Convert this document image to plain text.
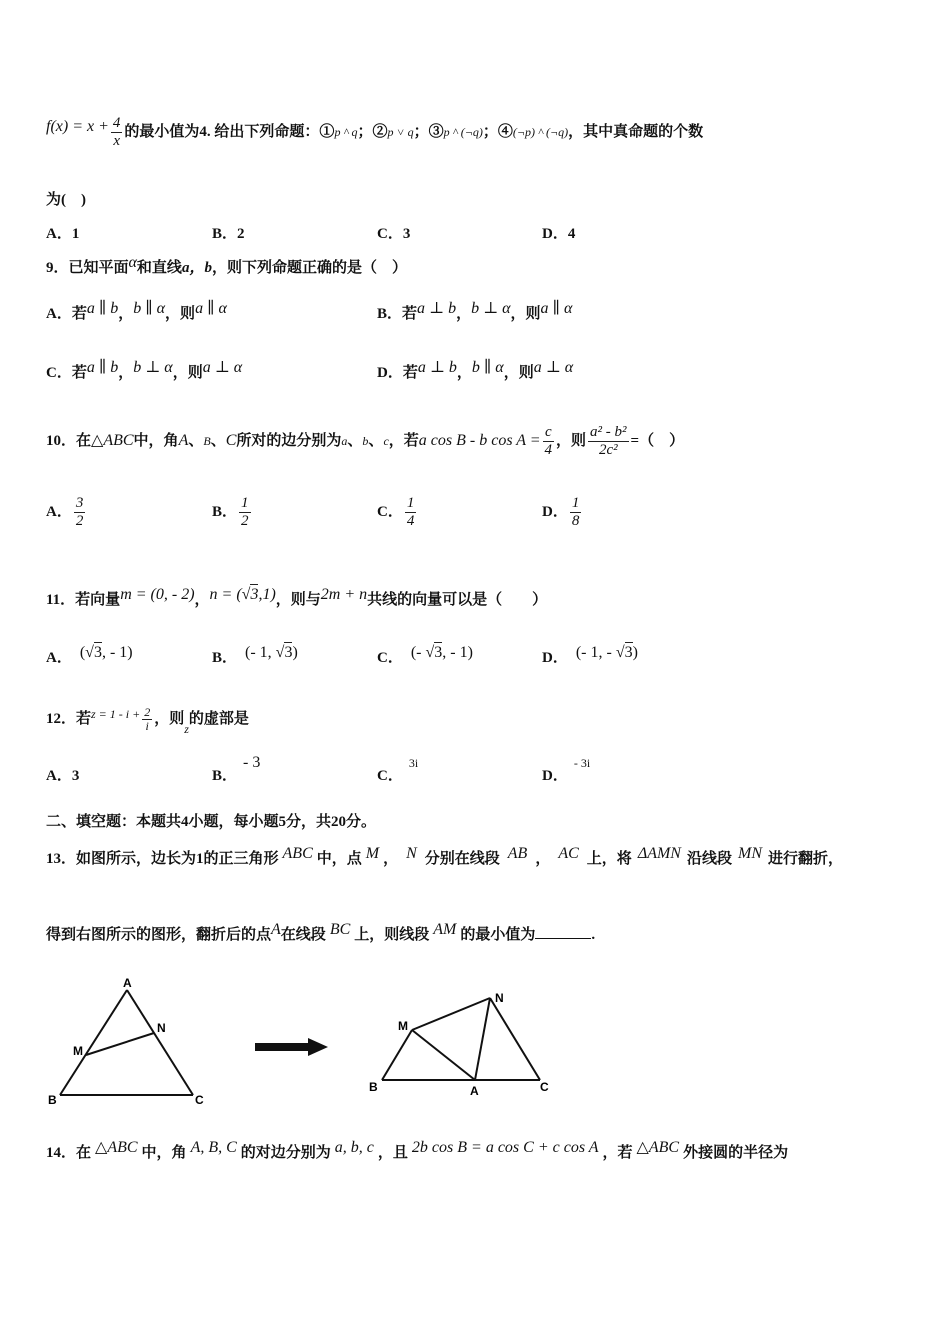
$f(x) = x + \frac{4}{x}$ 的最小值为4. 给出下列命题：①p ^ q；②p ˅ q；③p ^ (¬q)；④(¬p) ^ (¬q)，其中真命题的个数
为(　)
A．1	B．2	C．3	D．4
9．已知平面α和直线a，b，则下列命题正确的是（　）
A．若a ∥ b，b ∥ α，则a ∥ α	B．若a ⊥ b，b ⊥ α，则a ∥ α
C．若a ∥ b，b ⊥ α，则a ⊥ α	D．若a ⊥ b，b ∥ α，则a ⊥ α
10．在△ABC中，角A、B、C所对的边分别为a、b、c，若a cos B - b $\cos A = \frac{c}{4}$ ，则 $\frac{\text{a² - b²}}{\text{2c²}}$ =（　）
A． $\frac{3}{2}$	B． $\frac{1}{2}$	C． $\frac{1}{4}$	D． $\frac{1}{8}$
11．若向量m = (0, - 2)，n = (√3,1)，则与2m + n共线的向量可以是（　　）
A． (√3, - 1)	B． (- 1, √3)	C． (- √3, - 1)	D． (- 1, - √3)
12．若$^{z = 1 - i +} \frac{2}{i}$ ，则$_z$的虚部是
A．3	B．- 3
C．$^{3i}$
D．$^{- 3i}$
二、填空题：本题共4小题，每小题5分，共20分。
13．如图所示，边长为1的正三角形 ABC 中，点 M ， N 分别在线段 AB ， AC 上，将 ΔAMN 沿线段 MN 进行翻折，
得到右图所示的图形，翻折后的点A在线段 BC 上，则线段 AM 的最小值为	.
A
B	C
M
N
B	C
A
M
N
14．在 △ABC 中，角 A, B, C 的对边分别为 a, b, c ，且 2b cos B = a cos C + c cos A ，若 △ABC 外接圆的半径为
